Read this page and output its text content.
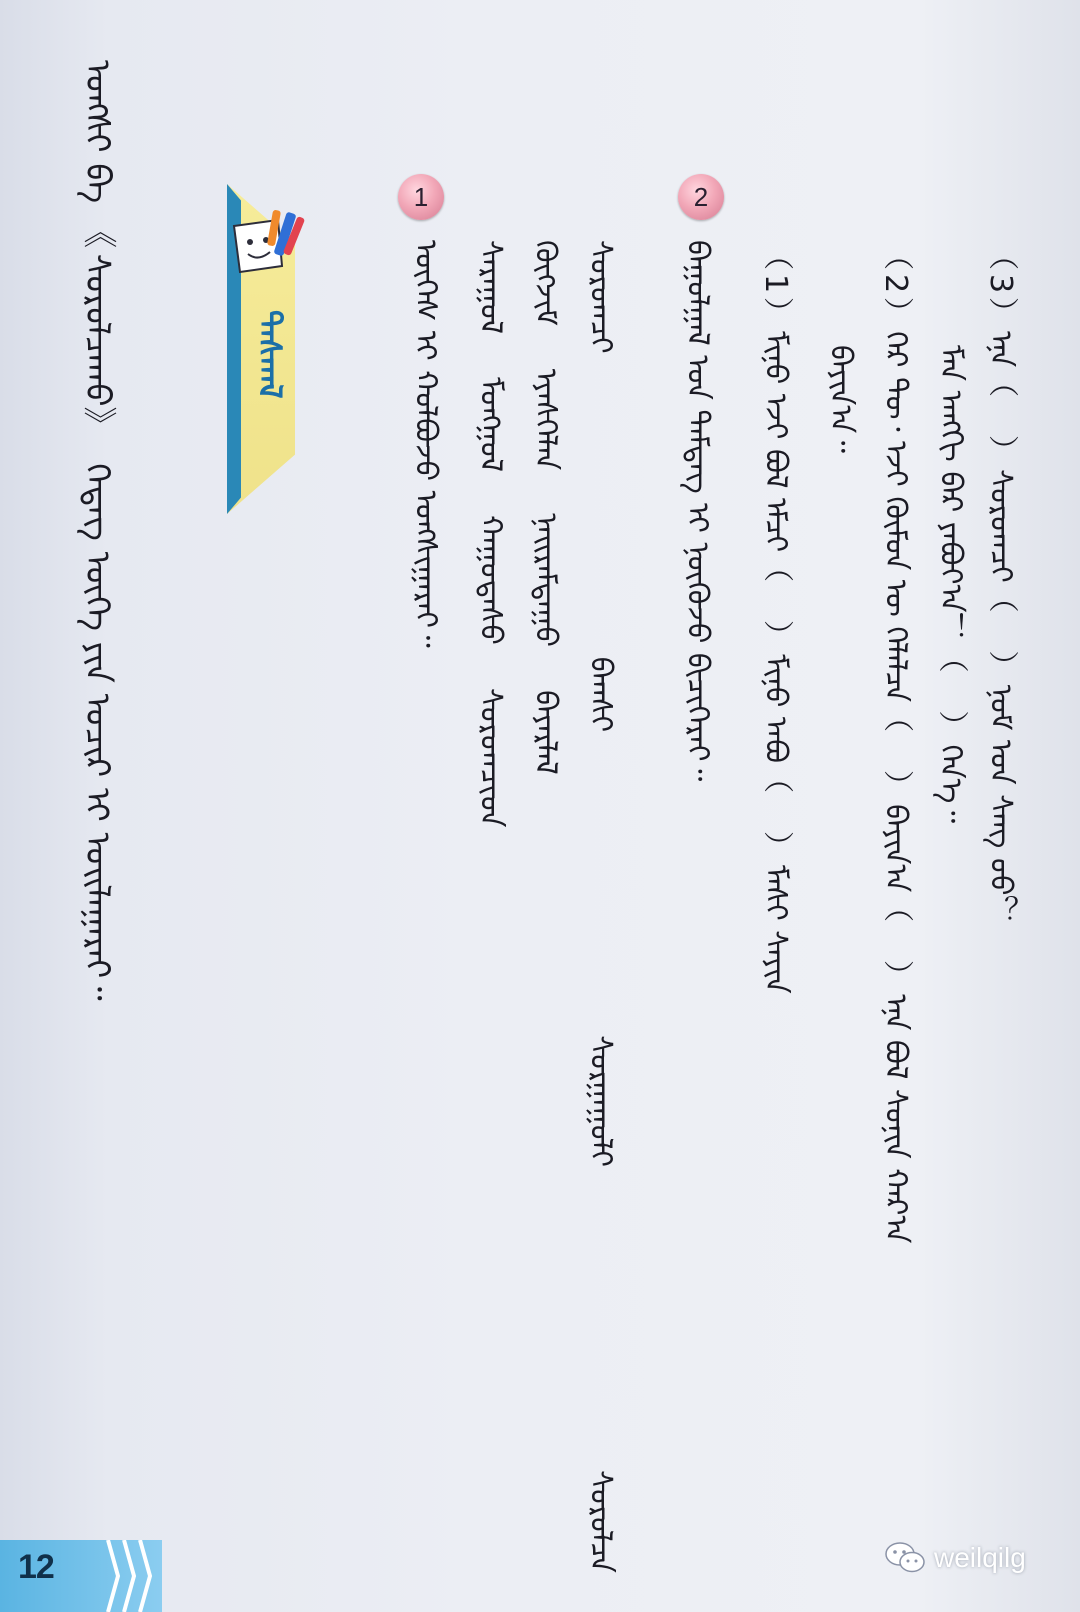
（3）ᠡᠨᠡ（　）ᠰᠤᠷᠤᠭᠴᠢ（　）ᠨᠣᠮ ᠤᠨ ᠰᠠᠩ ᠤᠤ？
ᠮᠠᠨ ᠠᠩᠭᠢ ᠪᠡᠷ ᠶᠠᠪᠤᠶ᠎ᠠ！（　）ᠭᠡᠨ᠎ᠡ᠃
（2）ᠭᠡᠷ ᠲᠦ᠂ ᠡᠵᠢ ᠬᠦᠮᠦᠨ ᠦ ᠬᠡᠯᠡᠯᠴᠡ（　）ᠪᠠᠶᠢᠨ᠎ᠠ（　）ᠡᠨᠡ ᠪᠣᠯ ᠰᠣᠨᠢᠨ ᠬᠠᠷ᠎ᠠ
ᠪᠠᠶᠢᠨ᠎ᠠ᠃
（1）ᠮᠢᠨᠦ ᠡᠵᠢ ᠪᠣᠯ ᠡᠮᠴᠢ（　）ᠮᠢᠨᠦ ᠠᠪᠤ（　）ᠮᠠᠰᠢ ᠰᠠᠶᠢᠨ
2
ᠪᠠᠭᠤᠯᠭᠠᠯ ᠤᠨ ᠲᠡᠮᠳᠡᠭ ᠢ ᠨᠥᠬᠦᠵᠦ ᠪᠢᠴᠢᠭᠡᠷᠡᠢ᠃
ᠰᠤᠷᠤᠭᠴᠢ  ᠪᠠᠭᠰᠢ  ᠰᠤᠷᠭᠠᠭᠤᠯᠢ  ᠰᠤᠷᠤᠯᠴᠠ
ᠬᠥᠭᠵᠢᠮ  ᠡᠶᠡᠰᠬᠡᠯᠡᠨ  ᠨᠠᠢᠷᠠᠮᠳᠠᠭᠤ  ᠪᠠᠶᠠᠷᠯᠠᠯ
ᠰᠠᠷᠠᠭᠤᠯ  ᠮᠣᠩᠭᠣᠯ  ᠬᠠᠭᠤᠳᠠᠰᠤ  ᠰᠤᠷᠤᠭᠴᠢᠳ
1
ᠦᠭᠡᠰ ᠢ ᠬᠣᠯᠪᠣᠵᠤ ᠤᠩᠰᠢᠭᠠᠷᠠᠢ᠃
ᠳᠠᠰᠬᠠᠯ
ᠤᠩᠰᠢ ᠪᠠ 《ᠰᠤᠷᠤᠯᠴᠠᠬᠤ》 ᠭᠡᠳᠡᠭ ᠦᠭᠡ ᠶᠢᠨ ᠤᠴᠢᠷ ᠢ ᠣᠢᠯᠠᠭᠠᠷᠠᠢ᠃
12	weilqilg
